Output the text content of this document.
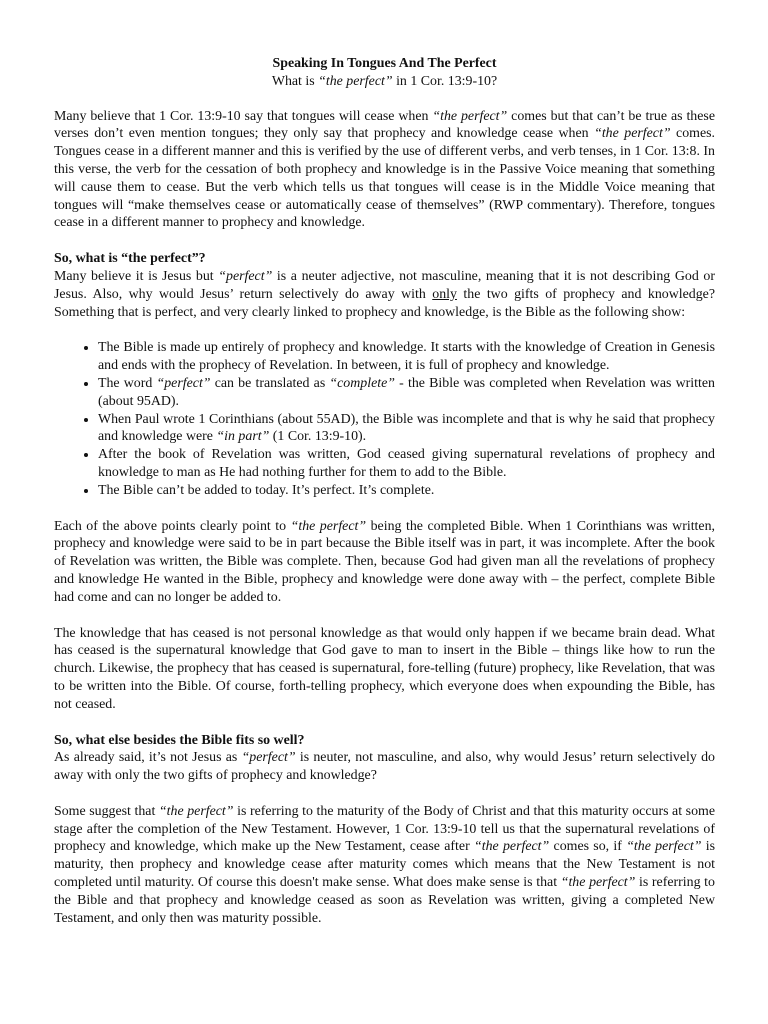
Speaking In Tongues And The Perfect
What is “the perfect” in 1 Cor. 13:9-10?

Many believe that 1 Cor. 13:9-10 say that tongues will cease when “the perfect” comes but that can’t be true as these verses don’t even mention tongues; they only say that prophecy and knowledge cease when “the perfect” comes. Tongues cease in a different manner and this is verified by the use of different verbs, and verb tenses, in 1 Cor. 13:8. In this verse, the verb for the cessation of both prophecy and knowledge is in the Passive Voice meaning that something will cause them to cease. But the verb which tells us that tongues will cease is in the Middle Voice meaning that tongues will “make themselves cease or automatically cease of themselves” (RWP commentary). Therefore, tongues cease in a different manner to prophecy and knowledge.

So, what is “the perfect”?

Many believe it is Jesus but “perfect” is a neuter adjective, not masculine, meaning that it is not describing God or Jesus. Also, why would Jesus’ return selectively do away with only the two gifts of prophecy and knowledge? Something that is perfect, and very clearly linked to prophecy and knowledge, is the Bible as the following show:

• The Bible is made up entirely of prophecy and knowledge. It starts with the knowledge of Creation in Genesis and ends with the prophecy of Revelation. In between, it is full of prophecy and knowledge.
• The word “perfect” can be translated as “complete” - the Bible was completed when Revelation was written (about 95AD).
• When Paul wrote 1 Corinthians (about 55AD), the Bible was incomplete and that is why he said that prophecy and knowledge were “in part” (1 Cor. 13:9-10).
• After the book of Revelation was written, God ceased giving supernatural revelations of prophecy and knowledge to man as He had nothing further for them to add to the Bible.
• The Bible can’t be added to today. It’s perfect. It’s complete.

Each of the above points clearly point to “the perfect” being the completed Bible. When 1 Corinthians was written, prophecy and knowledge were said to be in part because the Bible itself was in part, it was incomplete. After the book of Revelation was written, the Bible was complete. Then, because God had given man all the revelations of prophecy and knowledge He wanted in the Bible, prophecy and knowledge were done away with – the perfect, complete Bible had come and can no longer be added to.

The knowledge that has ceased is not personal knowledge as that would only happen if we became brain dead. What has ceased is the supernatural knowledge that God gave to man to insert in the Bible – things like how to run the church. Likewise, the prophecy that has ceased is supernatural, fore-telling (future) prophecy, like Revelation, that was to be written into the Bible. Of course, forth-telling prophecy, which everyone does when expounding the Bible, has not ceased.

So, what else besides the Bible fits so well?

As already said, it’s not Jesus as “perfect” is neuter, not masculine, and also, why would Jesus’ return selectively do away with only the two gifts of prophecy and knowledge?

Some suggest that “the perfect” is referring to the maturity of the Body of Christ and that this maturity occurs at some stage after the completion of the New Testament. However, 1 Cor. 13:9-10 tell us that the supernatural revelations of prophecy and knowledge, which make up the New Testament, cease after “the perfect” comes so, if “the perfect” is maturity, then prophecy and knowledge cease after maturity comes which means that the New Testament is not completed until maturity. Of course this doesn't make sense. What does make sense is that “the perfect” is referring to the Bible and that prophecy and knowledge ceased as soon as Revelation was written, giving a completed New Testament, and only then was maturity possible.
